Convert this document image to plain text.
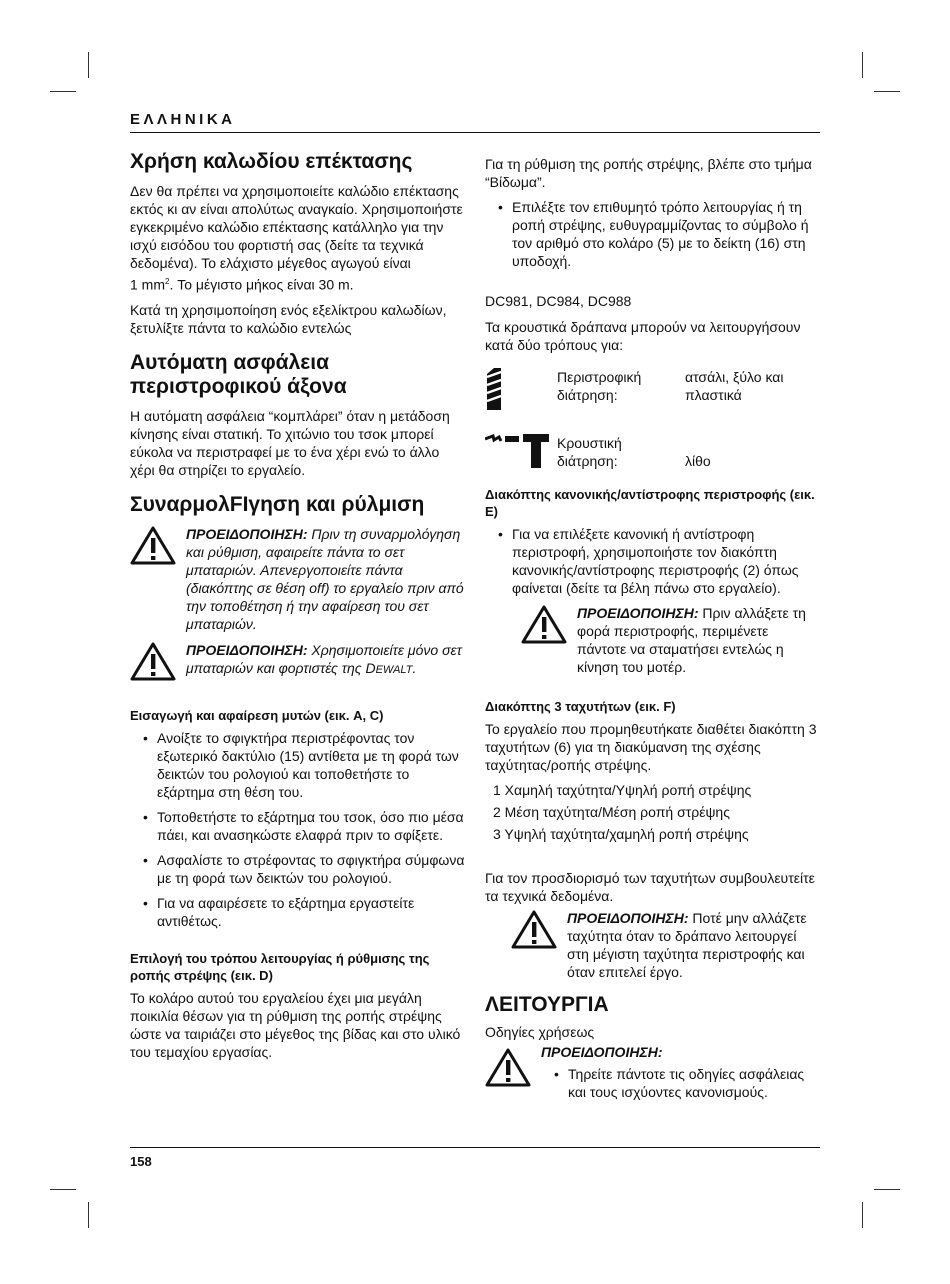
ΕΛΛΗΝΙΚΑ
Χρήση καλωδίου επέκτασης

Δεν θα πρέπει να χρησιμοποιείτε καλώδιο επέκτασης εκτός κι αν είναι απολύτως αναγκαίο. Χρησιμοποιήστε εγκεκριμένο καλώδιο επέκτασης κατάλληλο για την ισχύ εισόδου του φορτιστή σας (δείτε τα τεχνικά δεδομένα). Το ελάχιστο μέγεθος αγωγού είναι

1 $mm^2$. Το μέγιστο μήκος είναι 30 m.

Κατά τη χρησιμοποίηση ενός εξελίκτρου καλωδίων, ξετυλίξτε πάντα το καλώδιο εντελώς

Αυτόματη ασφάλεια
περιστροφικού άξονα

Η αυτόματη ασφάλεια “κομπλάρει” όταν η μετάδοση κίνησης είναι στατική. Το χιτώνιο του τσοκ μπορεί εύκολα να περιστραφεί με το ένα χέρι ενώ το άλλο χέρι θα στηρίζει το εργαλείο.

ΣυναρμολFIγηση και ρύλμιση
ΠΡΟΕΙΔΟΠΟΙΗΣΗ: Πριν τη συναρμολόγηση και ρύθμιση, αφαιρείτε πάντα το σετ μπαταριών. Απενεργοποιείτε πάντα (διακόπτης σε θέση off) το εργαλείο πριν από την τοποθέτηση ή την αφαίρεση του σετ μπαταριών.
ΠΡΟΕΙΔΟΠΟΙΗΣΗ: Χρησιμοποιείτε μόνο σετ μπαταριών και φορτιστές της DEWALT.
Εισαγωγή και αφαίρεση μυτών (εικ. A, C)
• Ανοίξτε το σφιγκτήρα περιστρέφοντας τον εξωτερικό δακτύλιο (15) αντίθετα με τη φορά των δεικτών του ρολογιού και τοποθετήστε το εξάρτημα στη θέση του.
• Τοποθετήστε το εξάρτημα του τσοκ, όσο πιο μέσα πάει, και ανασηκώστε ελαφρά πριν το σφίξετε.
• Ασφαλίστε το στρέφοντας το σφιγκτήρα σύμφωνα με τη φορά των δεικτών του ρολογιού.
• Για να αφαιρέσετε το εξάρτημα εργαστείτε αντιθέτως.
Επιλογή του τρόπου λειτουργίας ή ρύθμισης της ροπής στρέψης (εικ. D)

Το κολάρο αυτού του εργαλείου έχει μια μεγάλη ποικιλία θέσων για τη ρύθμιση της ροπής στρέψης ώστε να ταιριάζει στο μέγεθος της βίδας και στο υλικό του τεμαχίου εργασίας.

Για τη ρύθμιση της ροπής στρέψης, βλέπε στο τμήμα “Βίδωμα”.

• Επιλέξτε τον επιθυμητό τρόπο λειτουργίας ή τη ροπή στρέψης, ευθυγραμμίζοντας το σύμβολο ή τον αριθμό στο κολάρο (5) με το δείκτη (16) στη υποδοχή.

DC981, DC984, DC988

Τα κρουστικά δράπανα μπορούν να λειτουργήσουν κατά δύο τρόπους για:

Περιστροφική διάτρηση:
ατσάλι, ξύλο και πλαστικά
Κρουστική διάτρηση:	λίθο
Διακόπτης κανονικής/αντίστροφης περιστροφής (εικ. E)
• Για να επιλέξετε κανονική ή αντίστροφη περιστροφή, χρησιμοποιήστε τον διακόπτη κανονικής/αντίστροφης περιστροφής (2) όπως φαίνεται (δείτε τα βέλη πάνω στο εργαλείο).
ΠΡΟΕΙΔΟΠΟΙΗΣΗ: Πριν αλλάξετε τη φορά περιστροφής, περιμένετε πάντοτε να σταματήσει εντελώς η κίνηση του μοτέρ.
Διακόπτης 3 ταχυτήτων (εικ. F)

Το εργαλείο που προμηθευτήκατε διαθέτει διακόπτη 3 ταχυτήτων (6) για τη διακύμανση της σχέσης ταχύτητας/ροπής στρέψης.

1 Χαμηλή ταχύτητα/Υψηλή ροπή στρέψης
2 Μέση ταχύτητα/Μέση ροπή στρέψης
3 Υψηλή ταχύτητα/χαμηλή ροπή στρέψης

Για τον προσδιορισμό των ταχυτήτων συμβουλευτείτε τα τεχνικά δεδομένα.

ΠΡΟΕΙΔΟΠΟΙΗΣΗ: Ποτέ μην αλλάζετε ταχύτητα όταν το δράπανο λειτουργεί στη μέγιστη ταχύτητα περιστροφής και όταν επιτελεί έργο.
ΛΕΙΤΟΥΡΓΙΑ

Οδηγίες χρήσεως

ΠΡΟΕΙΔΟΠΟΙΗΣΗ:
• Τηρείτε πάντοτε τις οδηγίες ασφάλειας και τους ισχύοντες κανονισμούς.
158
